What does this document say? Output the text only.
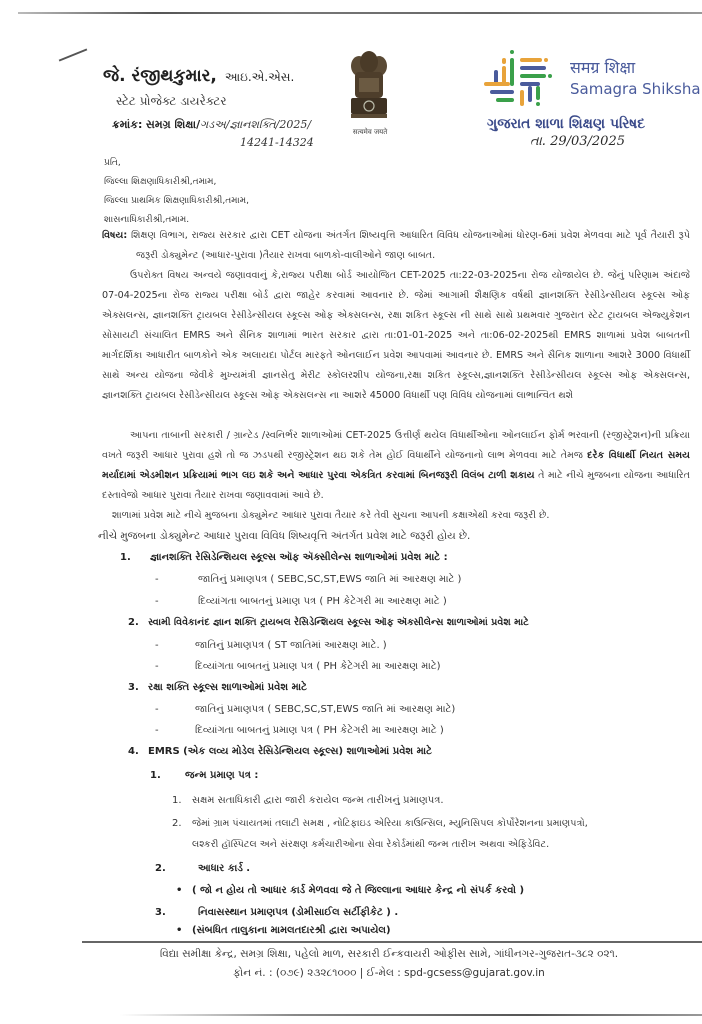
જે. રંજીથકુમાર, આઇ.એ.એસ.
સ્ટેટ પ્રોજેક્ટ ડાયરેક્ટર
ક્રમાંક: સમગ્ર શિક્ષા/ગડઅ/જ્ઞાનશક્તિ/2025/
14241-14324
પ્રતિ,
જિલ્લા શિક્ષણાધિકારીશ્રી,તમામ,
જિલ્લા પ્રાથમિક શિક્ષણાધિકારીશ્રી,તમામ,
શાસનાધિકારીશ્રી,તમામ.
सत्यमेव जयते
समग्र शिक्षा
Samagra Shiksha
ગુજરાત શાળા શિક્ષણ પરિષદ
તા. 29/03/2025
વિષય: શિક્ષણ વિભાગ, રાજ્ય સરકાર દ્વારા CET યોજના અંતર્ગત શિષ્યવૃત્તિ આધારિત વિવિધ યોજનાઓમાં ધોરણ-6માં પ્રવેશ મેળવવા માટે પૂર્વ તૈયારી રૂપે જરૂરી ડોક્યુમેન્ટ (આધાર-પુરાવા )તૈયાર રાખવા બાળકો-વાલીઓને જાણ બાબત.
ઉપરોક્ત વિષય અન્વયે જણાવવાનું કે,રાજ્ય પરીક્ષા બોર્ડ આયોજિત CET-2025 તા:22-03-2025ના રોજ યોજાયેલ છે. જેનું પરિણામ અંદાજે 07-04-2025ના રોજ રાજ્ય પરીક્ષા બોર્ડ દ્વારા જાહેર કરવામાં આવનાર છે. જેમાં આગામી શૈક્ષણિક વર્ષથી જ્ઞાનશક્તિ રેસીડેન્સીયલ સ્કૂલ્સ ઓફ એક્સલન્સ, જ્ઞાનશક્તિ ટ્રાયબલ રેસીડેન્સીયલ સ્કૂલ્સ ઓફ એક્સલન્સ, રક્ષા શકિત સ્કૂલ્સ ની સાથે સાથે પ્રથમવાર ગુજરાત સ્ટેટ ટ્રાયબલ એજ્યુકેશન સોસાયટી સંચાલિત EMRS અને સૈનિક શાળામાં ભારત સરકાર દ્વારા તા:01-01-2025 અને તા:06-02-2025થી EMRS શાળામાં પ્રવેશ બાબતની માર્ગદર્શિકા આધારીત બાળકોને એક અલાયદા પોર્ટલ મારફતે ઓનલાઈન પ્રવેશ આપવામાં આવનાર છે. EMRS અને સૈનિક શાળાના આશરે 3000 વિધાર્થી સાથે અન્ય યોજના જેવીકે મુખ્યમંત્રી જ્ઞાનસેતુ મેરીટ સ્કોલરશીપ યોજના,રક્ષા શકિત સ્કૂલ્સ,જ્ઞાનશક્તિ રેસીડેન્સીયલ સ્કૂલ્સ ઓફ એક્સલન્સ, જ્ઞાનશક્તિ ટ્રાયબલ રેસીડેન્સીયલ સ્કૂલ્સ ઓફ એક્સલન્સ ના આશરે 45000 વિધાર્થી પણ વિવિધ યોજનામાં લાભાન્વિત થશે
આપના તાબાની સરકારી / ગ્રાન્ટેડ /સ્વનિર્ભર શાળાઓમાં CET-2025 ઉત્તીર્ણ થયેલ વિધાર્થીઓના ઓનલાઈન ફોર્મ ભરવાની (રજીસ્ટ્રેશન)ની પ્રક્રિયા વખતે જરૂરી આધાર પુરાવા હશે તો જ ઝડપથી રજીસ્ટ્રેશન થઇ શકે તેમ હોઈ વિધાર્થીને યોજનાનો લાભ મેળવવા માટે તેમજ દરેક વિધાર્થી નિયત સમય મર્યાદામાં એડમીશન પ્રક્રિયામાં ભાગ લઇ શકે અને આધાર પુરવા એકત્રિત કરવામાં બિનજરૂરી વિલંબ ટાળી શકાય તે માટે નીચે મુજબના યોજના આધારિત દસ્તાવેજો આધાર પુરાવા તૈયાર રાખવા જણાવવામાં આવે છે.
શાળામાં પ્રવેશ માટે નીચે મુજબના ડોક્યુમેન્ટ આધાર પુરાવા તૈયાર કરે તેવી સુચના આપની કક્ષાએથી કરવા જરૂરી છે.
નીચે મુજબના ડોક્યુમેન્ટ આધાર પુરાવા વિવિધ શિષ્યવૃત્તિ અંતર્ગત પ્રવેશ માટે જરૂરી હોય છે.
1. જ્ઞાનશક્તિ રેસિડેન્શિયલ સ્કૂલ્સ ઑફ ઍક્સીલેન્સ શાળાઓમાં પ્રવેશ માટે :
-	જાતિનું પ્રમાણપત્ર ( SEBC,SC,ST,EWS જાતિ માં આરક્ષણ માટે )
-	દિવ્યાંગતા બાબતનું પ્રમાણ પત્ર ( PH કેટેગરી મા આરક્ષણ માટે )
2. સ્વામી વિવેકાનંદ જ્ઞાન શક્તિ ટ્રાયબલ રેસિડેન્શિયલ સ્કૂલ્સ ઑફ ઍક્સીલેન્સ શાળાઓમાં પ્રવેશ માટે
-	જાતિનું પ્રમાણપત્ર ( ST જાતિમાં આરક્ષણ માટે. )
-	દિવ્યાંગતા બાબતનું પ્રમાણ પત્ર ( PH કેટેગરી મા આરક્ષણ માટે)
3. રક્ષા શક્તિ સ્કૂલ્સ શાળાઓમાં પ્રવેશ માટે
-	જાતિનું પ્રમાણપત્ર ( SEBC,SC,ST,EWS જાતિ માં આરક્ષણ માટે)
-	દિવ્યાંગતા બાબતનું પ્રમાણ પત્ર ( PH કેટેગરી મા આરક્ષણ માટે )
4. EMRS (એક લવ્ય મોડેલ રેસિડેન્શિયલ સ્કૂલ્સ) શાળાઓમાં પ્રવેશ માટે
1. જન્મ પ્રમાણ પત્ર :
1. સક્ષમ સતાધિકારી દ્વારા જારી કરાયેલ જન્મ તારીખનું પ્રમાણપત્ર.
2. જેમાં ગ્રામ પંચાયતમાં તલાટી સમક્ષ , નોટિફાઇડ એરિયા કાઉન્સિલ, મ્યુનિસિપલ કોર્પોરેશનના પ્રમાણપત્રો,
લશ્કરી હૉસ્પિટલ અને સંરક્ષણ કર્મચારીઓના સેવા રેકોર્ડમાંથી જન્મ તારીખ અથવા એફિડેવિટ.
2.	આધાર કાર્ડ .
• ( જો ન હોય તો આધાર કાર્ડ મેળવવા જે તે જિલ્લાના આધાર કેન્દ્ર નો સંપર્ક કરવો )
3.	નિવાસસ્થાન પ્રમાણપત્ર (ડોમીસાઈલ સર્ટીફીકેટ ) .
• (સંબધિત તાલુકાના મામલતદારશ્રી દ્વારા અપાયેલ)
વિદ્યા સમીક્ષા કેન્દ્ર, સમગ્ર શિક્ષા, પહેલો માળ, સરકારી ઈન્કવાયરી ઓફીસ સામે, ગાંધીનગર-ગુજરાત-૩૮૨ ૦૨૧.
ફોન નં. : (૦૭૯) ૨૩૨૮૧૦૦૦ | ઈ-મેલ : spd-gcsess@gujarat.gov.in
